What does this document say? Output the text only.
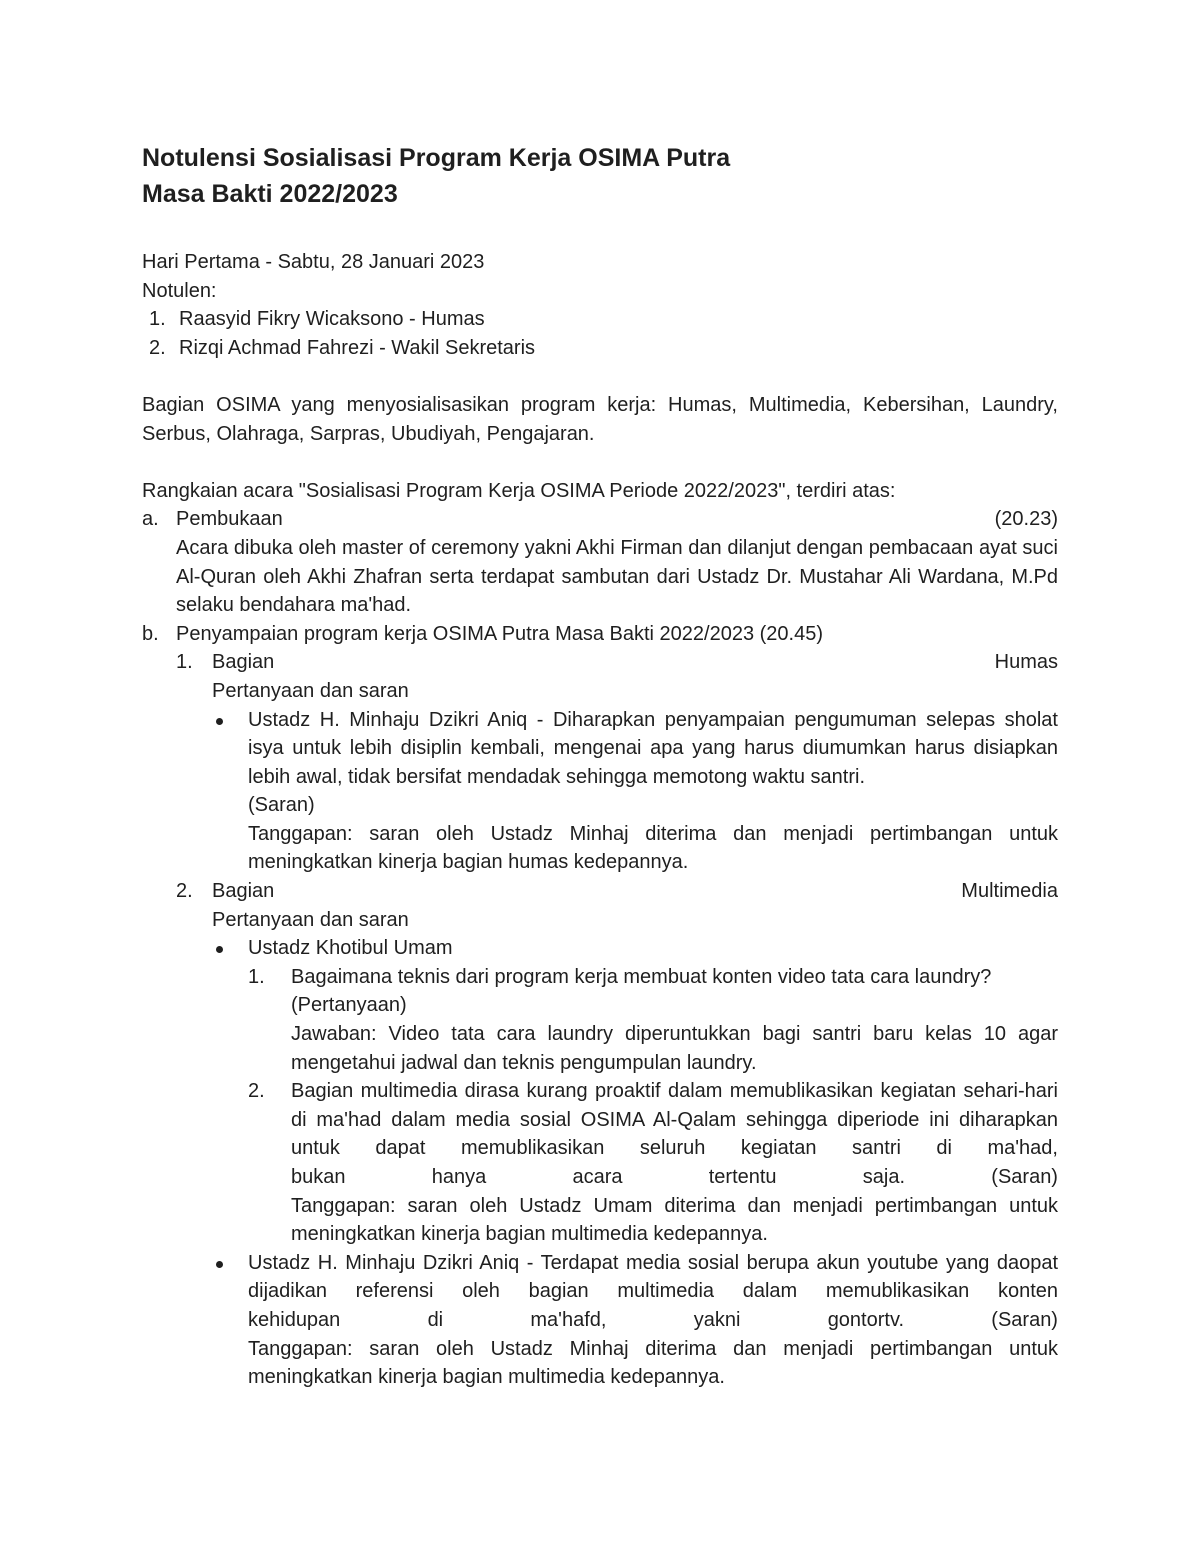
Notulensi Sosialisasi Program Kerja OSIMA Putra
Masa Bakti 2022/2023
Hari Pertama - Sabtu, 28 Januari 2023
Notulen:
1. Raasyid Fikry Wicaksono - Humas
2. Rizqi Achmad Fahrezi - Wakil Sekretaris
Bagian OSIMA yang menyosialisasikan program kerja: Humas, Multimedia, Kebersihan, Laundry, Serbus, Olahraga, Sarpras, Ubudiyah, Pengajaran.
Rangkaian acara "Sosialisasi Program Kerja OSIMA Periode 2022/2023", terdiri atas:
a. Pembukaan	(20.23)
Acara dibuka oleh master of ceremony yakni Akhi Firman dan dilanjut dengan pembacaan ayat suci Al-Quran oleh Akhi Zhafran serta terdapat sambutan dari Ustadz Dr. Mustahar Ali Wardana, M.Pd selaku bendahara ma'had.
b. Penyampaian program kerja OSIMA Putra Masa Bakti 2022/2023 (20.45)
1. Bagian	Humas
Pertanyaan dan saran
Ustadz H. Minhaju Dzikri Aniq - Diharapkan penyampaian pengumuman selepas sholat isya untuk lebih disiplin kembali, mengenai apa yang harus diumumkan harus disiapkan lebih awal, tidak bersifat mendadak sehingga memotong waktu santri.
(Saran)
Tanggapan: saran oleh Ustadz Minhaj diterima dan menjadi pertimbangan untuk meningkatkan kinerja bagian humas kedepannya.
2. Bagian	Multimedia
Pertanyaan dan saran
Ustadz Khotibul Umam
1.	Bagaimana teknis dari program kerja membuat konten video tata cara laundry?
(Pertanyaan)
Jawaban: Video tata cara laundry diperuntukkan bagi santri baru kelas 10 agar mengetahui jadwal dan teknis pengumpulan laundry.
2.	Bagian multimedia dirasa kurang proaktif dalam memublikasikan kegiatan sehari-hari di ma'had dalam media sosial OSIMA Al-Qalam sehingga diperiode ini diharapkan untuk dapat memublikasikan seluruh kegiatan santri di ma'had,
bukan	hanya	acara	tertentu	saja.	(Saran)
Tanggapan: saran oleh Ustadz Umam diterima dan menjadi pertimbangan untuk meningkatkan kinerja bagian multimedia kedepannya.
Ustadz H. Minhaju Dzikri Aniq - Terdapat media sosial berupa akun youtube yang daopat dijadikan referensi oleh bagian multimedia dalam memublikasikan konten
kehidupan	di	ma'hafd,	yakni	gontortv.	(Saran)
Tanggapan: saran oleh Ustadz Minhaj diterima dan menjadi pertimbangan untuk meningkatkan kinerja bagian multimedia kedepannya.
